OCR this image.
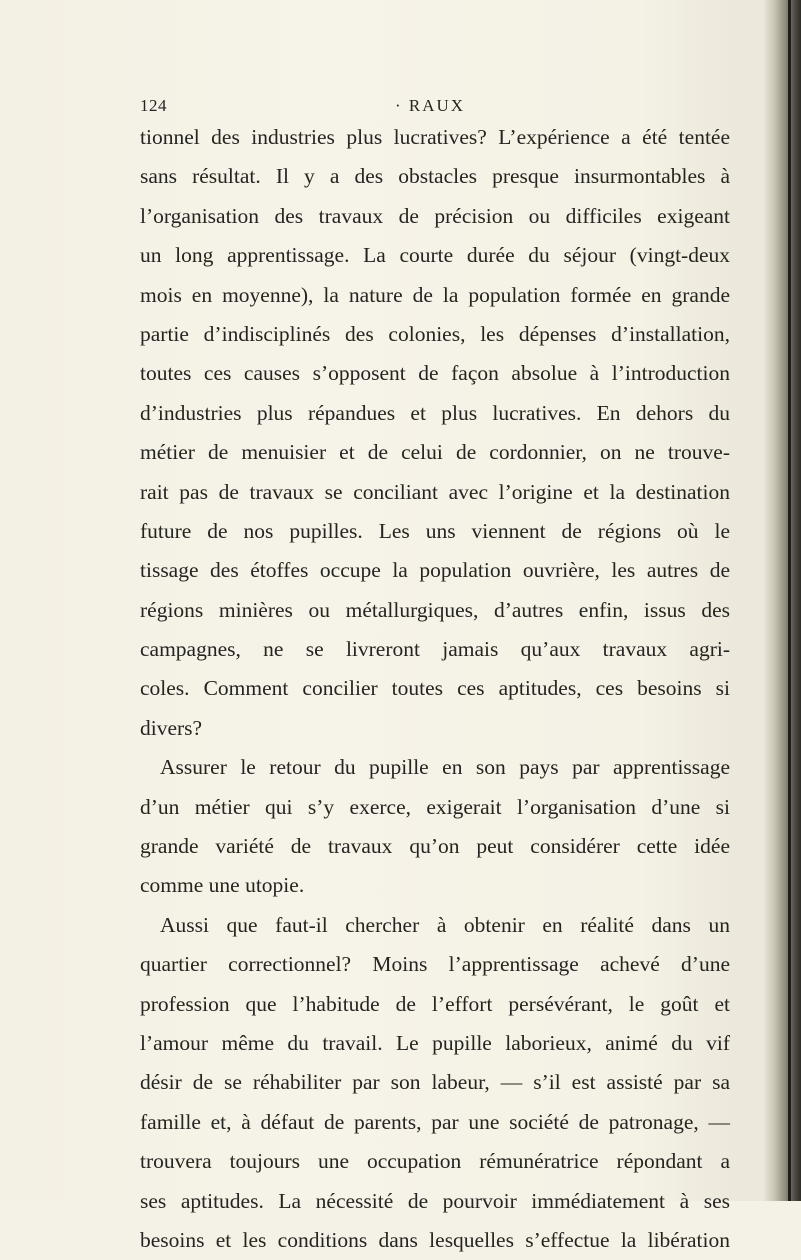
124	· RAUX
tionnel des industries plus lucratives? L’expérience a été tentée
sans résultat. Il y a des obstacles presque insurmontables à
l’organisation des travaux de précision ou difficiles exigeant
un long apprentissage. La courte durée du séjour (vingt-deux
mois en moyenne), la nature de la population formée en grande
partie d’indisciplinés des colonies, les dépenses d’installation,
toutes ces causes s’opposent de façon absolue à l’introduction
d’industries plus répandues et plus lucratives. En dehors du
métier de menuisier et de celui de cordonnier, on ne trouve-
rait pas de travaux se conciliant avec l’origine et la destination
future de nos pupilles. Les uns viennent de régions où le
tissage des étoffes occupe la population ouvrière, les autres de
régions minières ou métallurgiques, d’autres enfin, issus des
campagnes, ne se livreront jamais qu’aux travaux agri-
coles. Comment concilier toutes ces aptitudes, ces besoins si
divers?
Assurer le retour du pupille en son pays par apprentissage
d’un métier qui s’y exerce, exigerait l’organisation d’une si
grande variété de travaux qu’on peut considérer cette idée
comme une utopie.
Aussi que faut-il chercher à obtenir en réalité dans un
quartier correctionnel? Moins l’apprentissage achevé d’une
profession que l’habitude de l’effort persévérant, le goût et
l’amour même du travail. Le pupille laborieux, animé du vif
désir de se réhabiliter par son labeur, — s’il est assisté par sa
famille et, à défaut de parents, par une société de patronage, —
trouvera toujours une occupation rémunératrice répondant a
ses aptitudes. La nécessité de pourvoir immédiatement à ses
besoins et les conditions dans lesquelles s’effectue la libération
